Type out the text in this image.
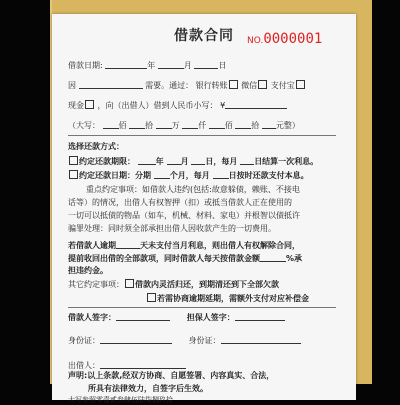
借款合同	NO.0000001
借款日期:	年	月	日
因	需要。通过： 银行转账 微信 支付宝
现金 ，向（出借人）借到人民币小写： ¥
（大写： 佰 拾 万 仟 佰 拾 元整）
选择还款方式：
约定还款期限：	年 月 日，每月 日结算一次利息。
约定还款日期：分期 个月，每月 日按时还款支付本息。
重点约定事项：如借款人违约(包括:故意躲债，赖账、不接电
话等）的情况，出借人有权智押（扣）或抵当借款人正在使用的
一切可以抵债的物品（如车，机械、材料、家电）并根智以债抵许
骗罪处理：同时须全部承担出借人因收款产生的一切费用。
若借款人逾期	天未支付当月利息，则出借人有权解除合同，
提前收回出借的全部款项，同时借款人每天按借款金额	%承
担违约金。
其它约定事项： 借款内灵活归还，到期清还到下全部欠款
若需协商逾期延期，需额外支付对应补偿金
借款人签字：	担保人签字：
身份证：	身份证：
出借人：
声明:以上条款,经双方协商、自愿签署、内容真实、合法，
所具有法律效力，自签字后生效。
大写参照零壹贰叁肆伍陆柒捌玖拾
